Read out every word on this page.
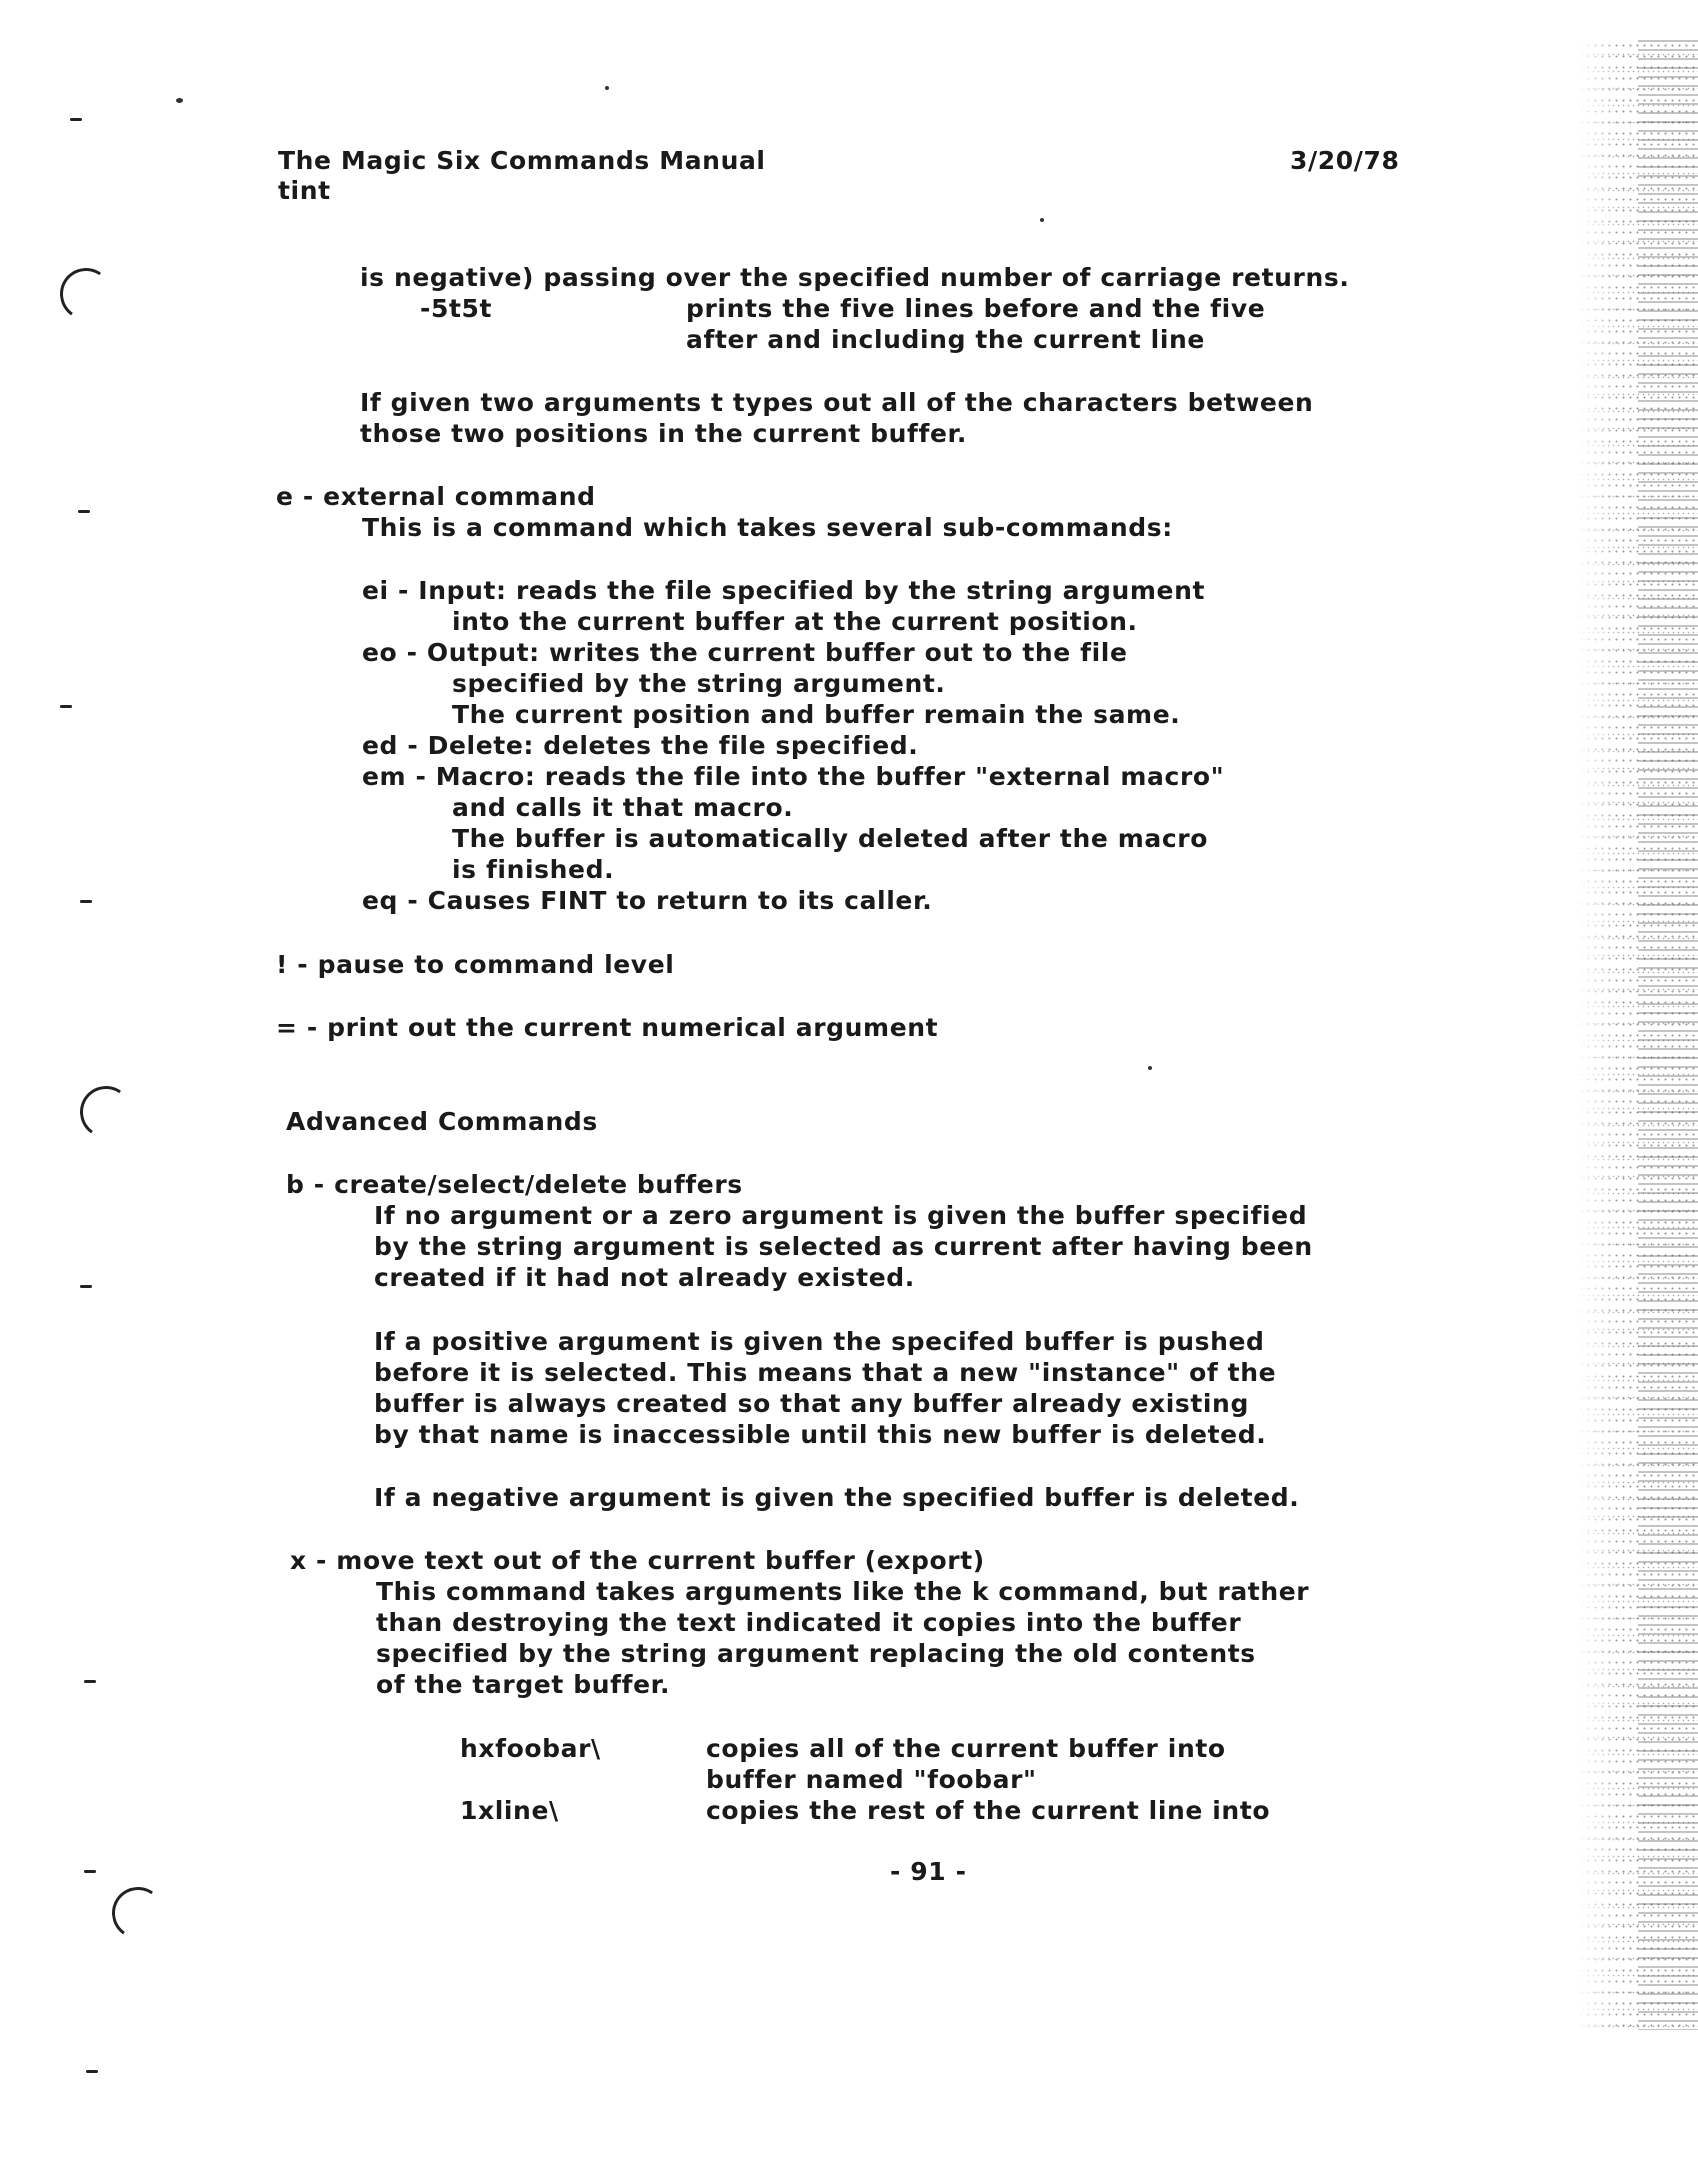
The Magic Six Commands Manual
tint
3/20/78
is negative) passing over the specified number of carriage returns.
-5t5t	prints the five lines before and the five
after and including the current line
If given two arguments t types out all of the characters between
those two positions in the current buffer.
e - external command
This is a command which takes several sub-commands:
ei - Input: reads the file specified by the string argument
into the current buffer at the current position.
eo - Output: writes the current buffer out to the file
specified by the string argument.
The current position and buffer remain the same.
ed - Delete: deletes the file specified.
em - Macro: reads the file into the buffer "external macro"
and calls it that macro.
The buffer is automatically deleted after the macro
is finished.
eq - Causes FINT to return to its caller.
! - pause to command level
= - print out the current numerical argument
Advanced Commands
b - create/select/delete buffers
If no argument or a zero argument is given the buffer specified
by the string argument is selected as current after having been
created if it had not already existed.
If a positive argument is given the specifed buffer is pushed
before it is selected. This means that a new "instance" of the
buffer is always created so that any buffer already existing
by that name is inaccessible until this new buffer is deleted.
If a negative argument is given the specified buffer is deleted.
x - move text out of the current buffer (export)
This command takes arguments like the k command, but rather
than destroying the text indicated it copies into the buffer
specified by the string argument replacing the old contents
of the target buffer.
hxfoobar\	copies all of the current buffer into
buffer named "foobar"
1xline\	copies the rest of the current line into
- 91 -
